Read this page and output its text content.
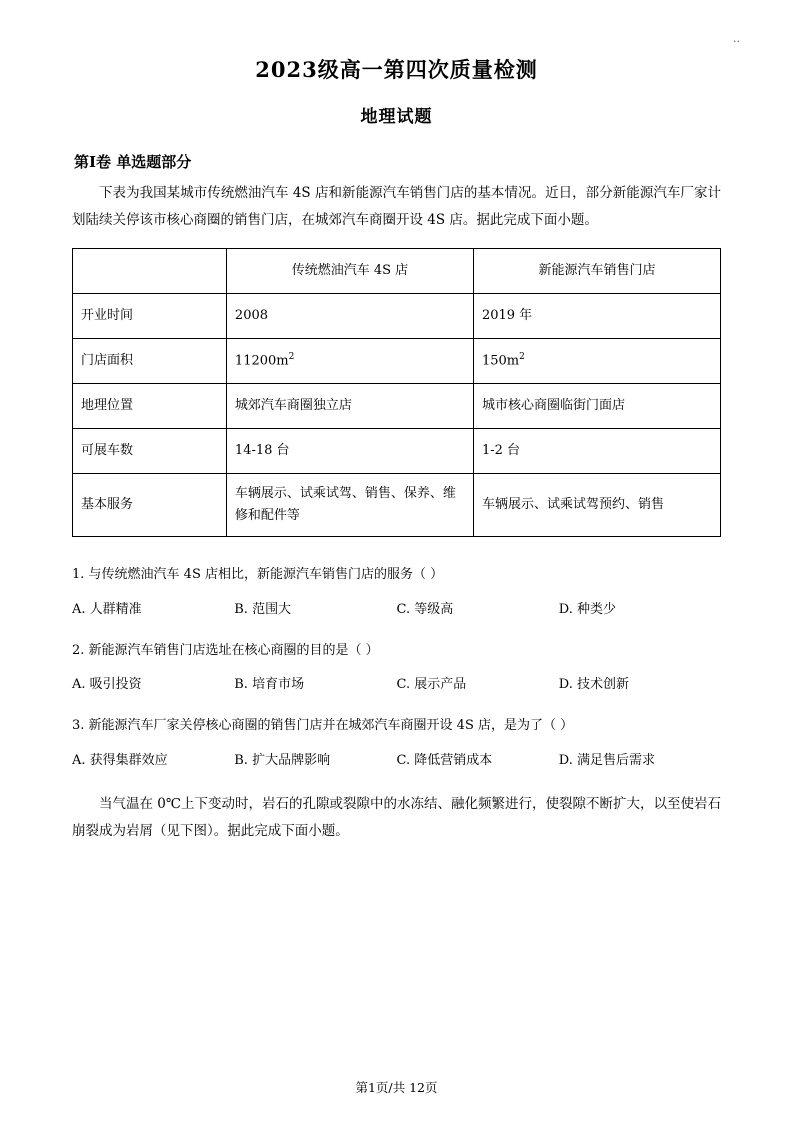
..
2023级高一第四次质量检测
地理试题
第Ⅰ卷 单选题部分
下表为我国某城市传统燃油汽车 4S 店和新能源汽车销售门店的基本情况。近日，部分新能源汽车厂家计划陆续关停该市核心商圈的销售门店，在城郊汽车商圈开设 4S 店。据此完成下面小题。
	传统燃油汽车 4S 店	新能源汽车销售门店
开业时间	2008	2019 年
门店面积	$11200m^2$	$150m^2$
地理位置	城郊汽车商圈独立店	城市核心商圈临街门面店
可展车数	14-18 台	1-2 台
基本服务	车辆展示、试乘试驾、销售、保养、维修和配件等	车辆展示、试乘试驾预约、销售
1. 与传统燃油汽车 4S 店相比，新能源汽车销售门店的服务（ ）
A. 人群精准	B. 范围大	C. 等级高	D. 种类少
2. 新能源汽车销售门店选址在核心商圈的目的是（ ）
A. 吸引投资	B. 培育市场	C. 展示产品	D. 技术创新
3. 新能源汽车厂家关停核心商圈的销售门店并在城郊汽车商圈开设 4S 店，是为了（ ）
A. 获得集群效应	B. 扩大品牌影响	C. 降低营销成本	D. 满足售后需求
当气温在 0℃上下变动时，岩石的孔隙或裂隙中的水冻结、融化频繁进行，使裂隙不断扩大，以至使岩石崩裂成为岩屑（见下图）。据此完成下面小题。
第1页/共 12页
